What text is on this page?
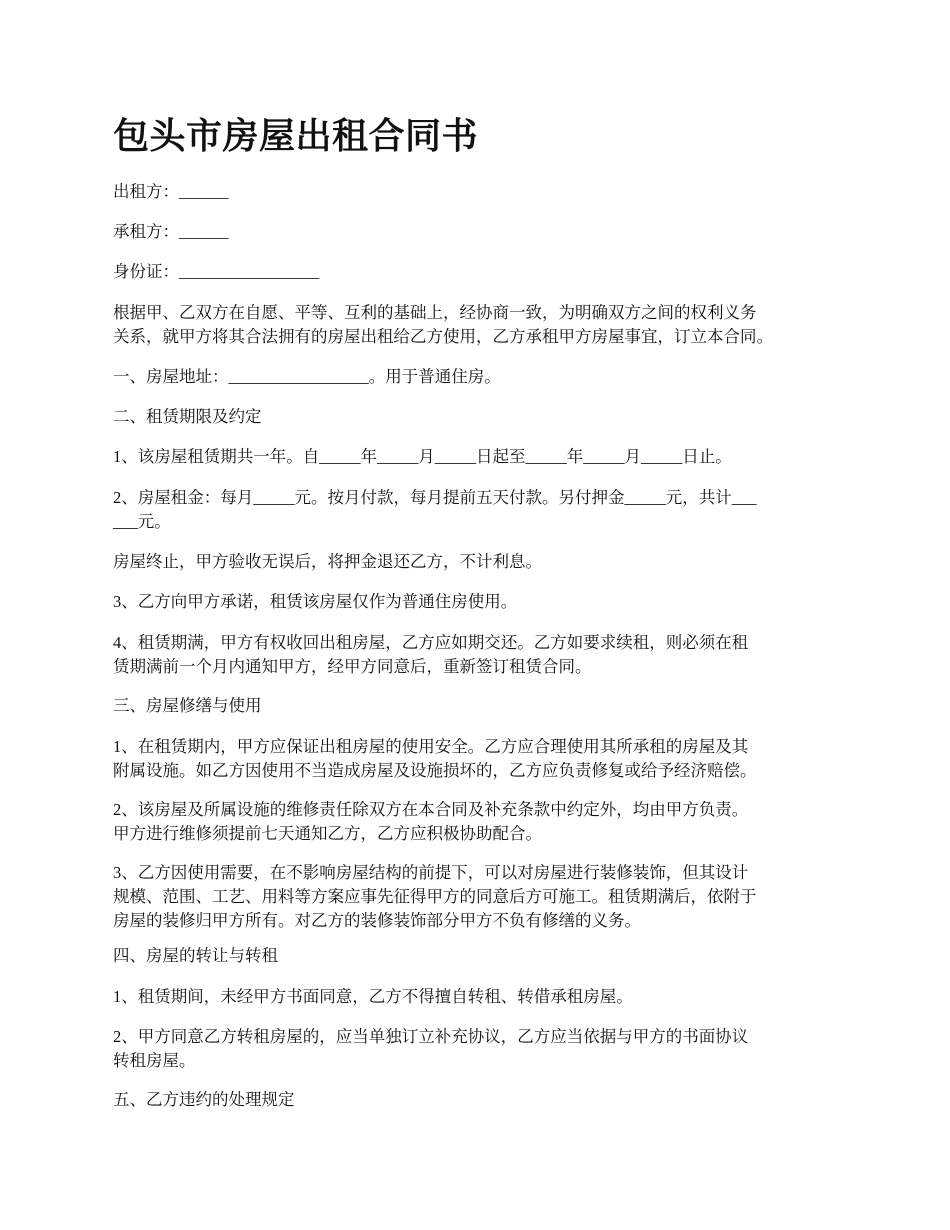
包头市房屋出租合同书

出租方：______

承租方：______

身份证：_________________

根据甲、乙双方在自愿、平等、互利的基础上，经协商一致，为明确双方之间的权利义务
关系，就甲方将其合法拥有的房屋出租给乙方使用，乙方承租甲方房屋事宜，订立本合同。

一、房屋地址：_________________。用于普通住房。

二、租赁期限及约定

1、该房屋租赁期共一年。自_____年_____月_____日起至_____年_____月_____日止。

2、房屋租金：每月_____元。按月付款，每月提前五天付款。另付押金_____元，共计___
___元。

房屋终止，甲方验收无误后，将押金退还乙方，不计利息。

3、乙方向甲方承诺，租赁该房屋仅作为普通住房使用。

4、租赁期满，甲方有权收回出租房屋，乙方应如期交还。乙方如要求续租，则必须在租
赁期满前一个月内通知甲方，经甲方同意后，重新签订租赁合同。

三、房屋修缮与使用

1、在租赁期内，甲方应保证出租房屋的使用安全。乙方应合理使用其所承租的房屋及其
附属设施。如乙方因使用不当造成房屋及设施损坏的，乙方应负责修复或给予经济赔偿。

2、该房屋及所属设施的维修责任除双方在本合同及补充条款中约定外，均由甲方负责。
甲方进行维修须提前七天通知乙方，乙方应积极协助配合。

3、乙方因使用需要，在不影响房屋结构的前提下，可以对房屋进行装修装饰，但其设计
规模、范围、工艺、用料等方案应事先征得甲方的同意后方可施工。租赁期满后，依附于
房屋的装修归甲方所有。对乙方的装修装饰部分甲方不负有修缮的义务。

四、房屋的转让与转租

1、租赁期间，未经甲方书面同意，乙方不得擅自转租、转借承租房屋。

2、甲方同意乙方转租房屋的，应当单独订立补充协议，乙方应当依据与甲方的书面协议
转租房屋。

五、乙方违约的处理规定
